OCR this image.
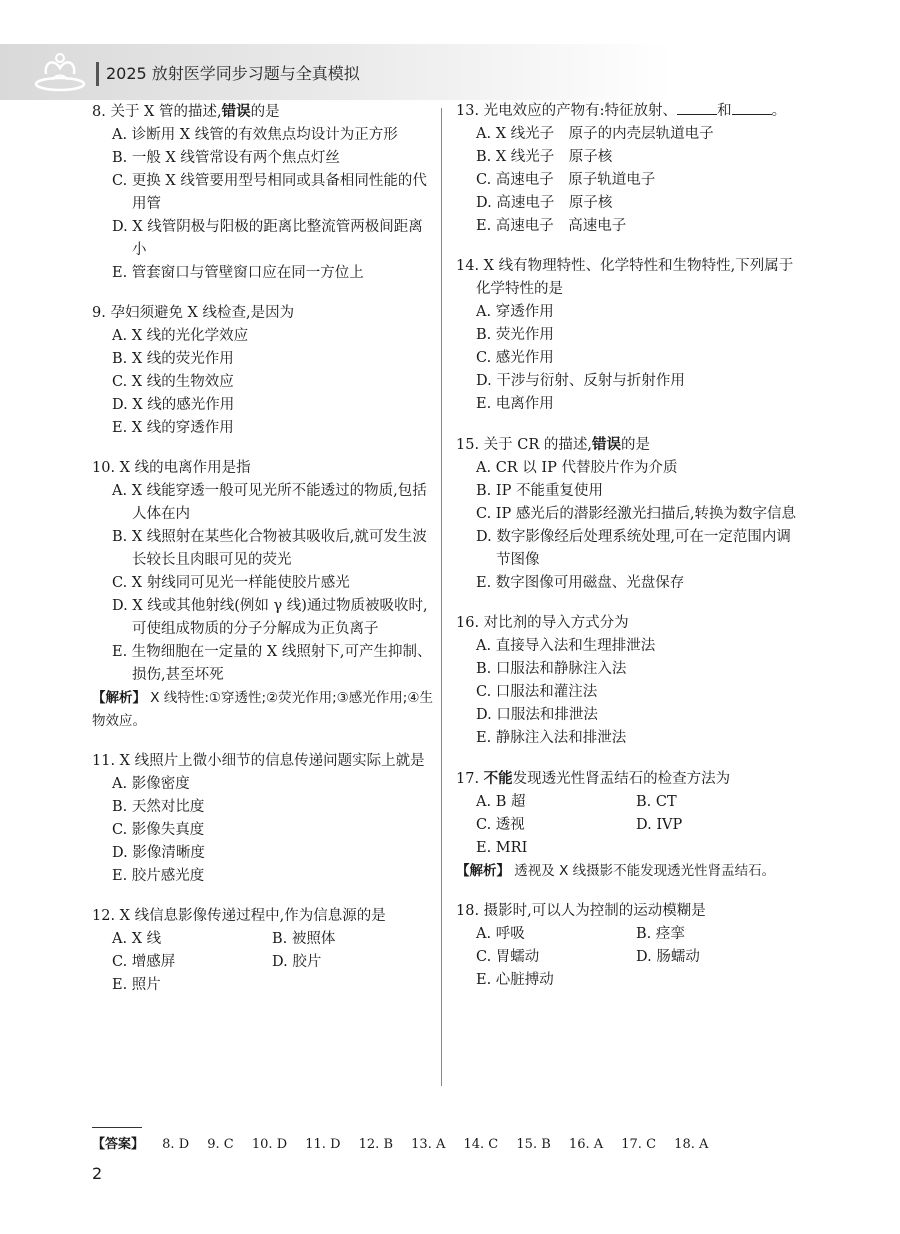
2025 放射医学同步习题与全真模拟
8. 关于 X 管的描述,错误的是
A. 诊断用 X 线管的有效焦点均设计为正方形
B. 一般 X 线管常设有两个焦点灯丝
C. 更换 X 线管要用型号相同或具备相同性能的代用管
D. X 线管阴极与阳极的距离比整流管两极间距离小
E. 管套窗口与管壁窗口应在同一方位上
9. 孕妇须避免 X 线检查,是因为
A. X 线的光化学效应
B. X 线的荧光作用
C. X 线的生物效应
D. X 线的感光作用
E. X 线的穿透作用
10. X 线的电离作用是指
A. X 线能穿透一般可见光所不能透过的物质,包括人体在内
B. X 线照射在某些化合物被其吸收后,就可发生波长较长且肉眼可见的荧光
C. X 射线同可见光一样能使胶片感光
D. X 线或其他射线(例如 γ 线)通过物质被吸收时,可使组成物质的分子分解成为正负离子
E. 生物细胞在一定量的 X 线照射下,可产生抑制、损伤,甚至坏死
【解析】 X 线特性:①穿透性;②荧光作用;③感光作用;④生物效应。
11. X 线照片上微小细节的信息传递问题实际上就是
A. 影像密度
B. 天然对比度
C. 影像失真度
D. 影像清晰度
E. 胶片感光度
12. X 线信息影像传递过程中,作为信息源的是
A. X 线	B. 被照体
C. 增感屏	D. 胶片
E. 照片
13. 光电效应的产物有:特征放射、	和	。
A. X 线光子　原子的内壳层轨道电子
B. X 线光子　原子核
C. 高速电子　原子轨道电子
D. 高速电子　原子核
E. 高速电子　高速电子
14. X 线有物理特性、化学特性和生物特性,下列属于化学特性的是
A. 穿透作用
B. 荧光作用
C. 感光作用
D. 干涉与衍射、反射与折射作用
E. 电离作用
15. 关于 CR 的描述,错误的是
A. CR 以 IP 代替胶片作为介质
B. IP 不能重复使用
C. IP 感光后的潜影经激光扫描后,转换为数字信息
D. 数字影像经后处理系统处理,可在一定范围内调节图像
E. 数字图像可用磁盘、光盘保存
16. 对比剂的导入方式分为
A. 直接导入法和生理排泄法
B. 口服法和静脉注入法
C. 口服法和灌注法
D. 口服法和排泄法
E. 静脉注入法和排泄法
17. 不能发现透光性肾盂结石的检查方法为
A. B 超	B. CT
C. 透视	D. IVP
E. MRI
【解析】 透视及 X 线摄影不能发现透光性肾盂结石。
18. 摄影时,可以人为控制的运动模糊是
A. 呼吸	B. 痉挛
C. 胃蠕动	D. 肠蠕动
E. 心脏搏动
【答案】 8. D 9. C 10. D 11. D 12. B 13. A 14. C 15. B 16. A 17. C 18. A
2
